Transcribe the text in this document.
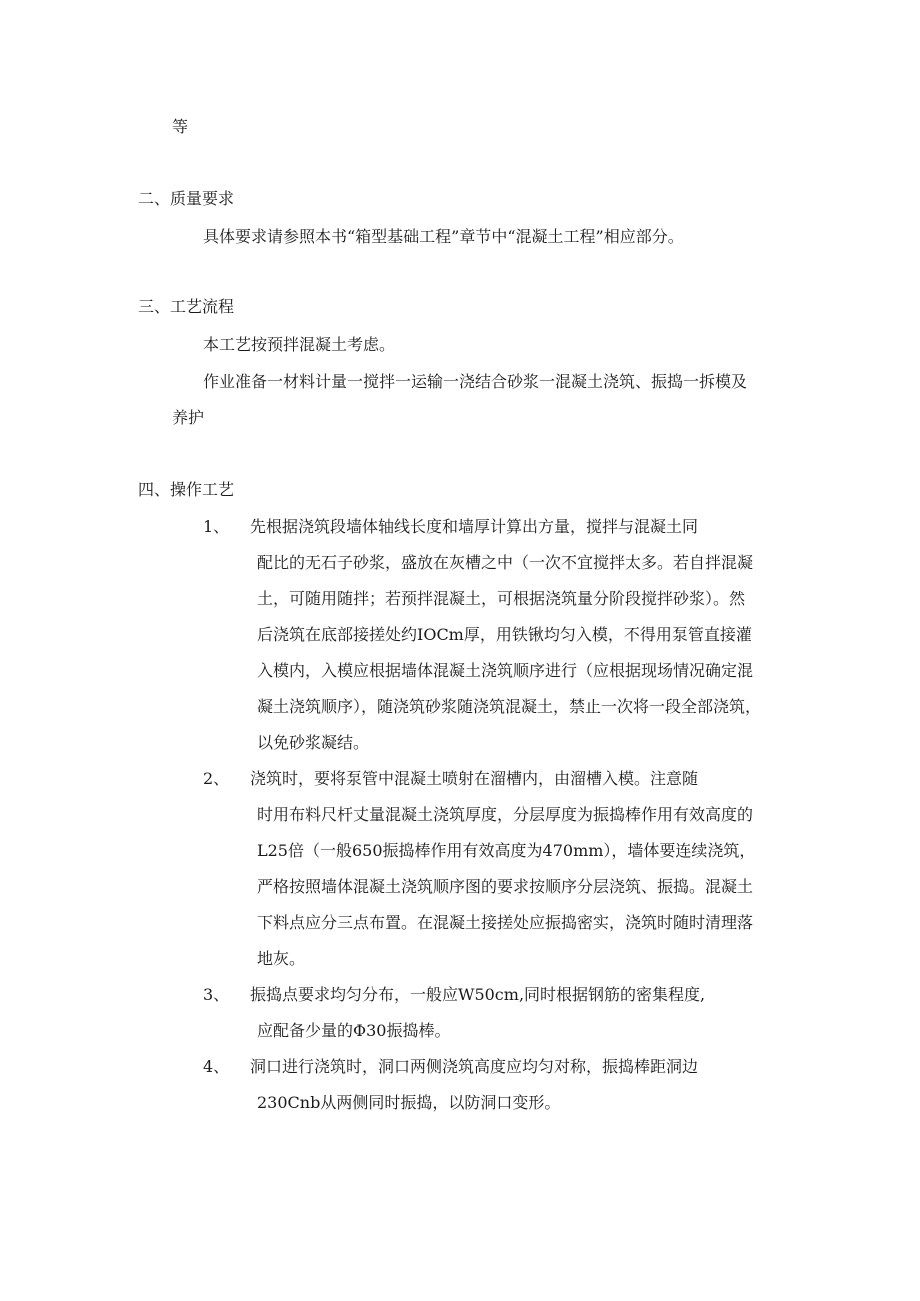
等
二、质量要求
具体要求请参照本书“箱型基础工程”章节中“混凝土工程”相应部分。
三、工艺流程
本工艺按预拌混凝土考虑。
作业准备一材料计量一搅拌一运输一浇结合砂浆一混凝土浇筑、振捣一拆模及
养护
四、操作工艺
1、 先根据浇筑段墙体轴线长度和墙厚计算出方量，搅拌与混凝土同
配比的无石子砂浆，盛放在灰槽之中（一次不宜搅拌太多。若自拌混凝
土，可随用随拌；若预拌混凝土，可根据浇筑量分阶段搅拌砂浆）。然
后浇筑在底部接搓处约IOCm厚，用铁锹均匀入模，不得用泵管直接灌
入模内，入模应根据墙体混凝土浇筑顺序进行（应根据现场情况确定混
凝土浇筑顺序），随浇筑砂浆随浇筑混凝土，禁止一次将一段全部浇筑，
以免砂浆凝结。
2、 浇筑时，要将泵管中混凝土喷射在溜槽内，由溜槽入模。注意随
时用布料尺杆丈量混凝土浇筑厚度，分层厚度为振捣棒作用有效高度的
L25倍（一般650振捣棒作用有效高度为470mm），墙体要连续浇筑，
严格按照墙体混凝土浇筑顺序图的要求按顺序分层浇筑、振捣。混凝土
下料点应分三点布置。在混凝土接搓处应振捣密实，浇筑时随时清理落
地灰。
3、 振捣点要求均匀分布，一般应W50cm,同时根据钢筋的密集程度,
应配备少量的Φ30振捣棒。
4、 洞口进行浇筑时，洞口两侧浇筑高度应均匀对称，振捣棒距洞边
230Cnb从两侧同时振捣，以防洞口变形。
